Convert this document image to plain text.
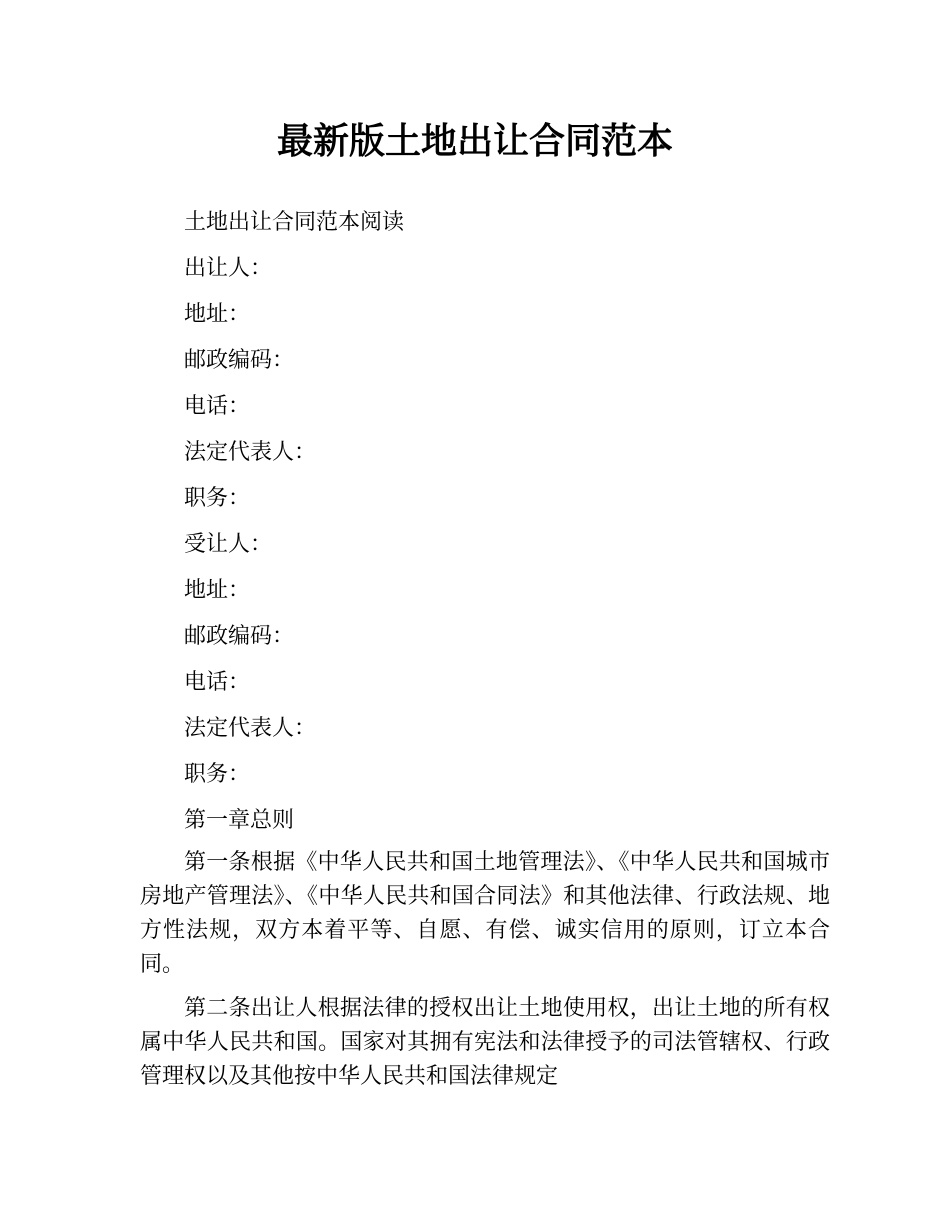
最新版土地出让合同范本

土地出让合同范本阅读

出让人：

地址：

邮政编码：

电话：

法定代表人：

职务：

受让人：

地址：

邮政编码：

电话：

法定代表人：

职务：

第一章总则

第一条根据《中华人民共和国土地管理法》、《中华人民共和国城市房地产管理法》、《中华人民共和国合同法》和其他法律、行政法规、地方性法规，双方本着平等、自愿、有偿、诚实信用的原则，订立本合同。

第二条出让人根据法律的授权出让土地使用权，出让土地的所有权属中华人民共和国。国家对其拥有宪法和法律授予的司法管辖权、行政管理权以及其他按中华人民共和国法律规定
